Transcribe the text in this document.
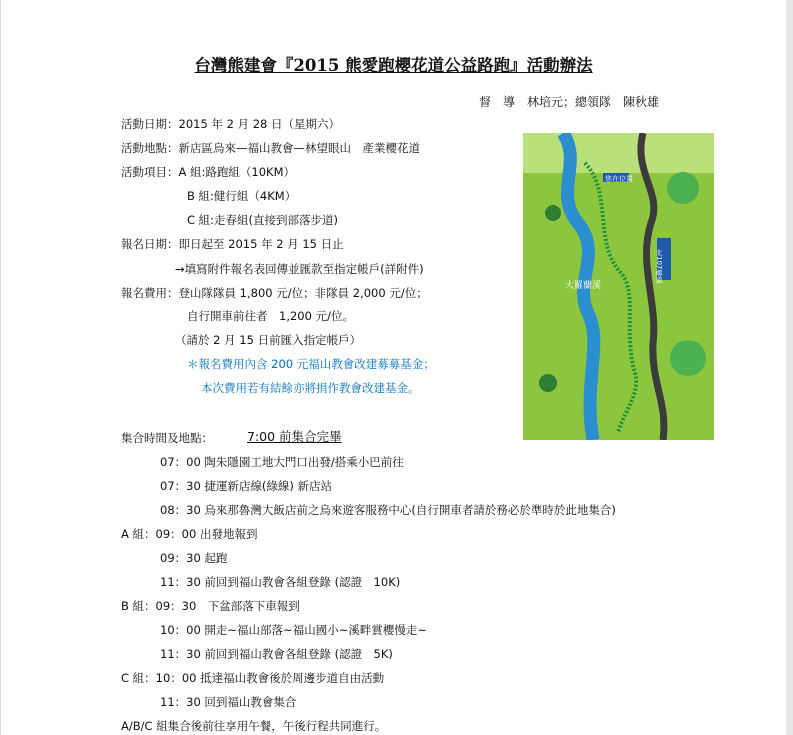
台灣熊建會『2015 熊愛跑櫻花道公益路跑』活動辦法
督　導　林培元；總領隊　陳秋雄
活動日期：2015 年 2 月 28 日（星期六）
活動地點：新店區烏來—福山教會—林望眼山　產業櫻花道
活動項目：A 組:路跑組（10KM）
B 組:健行組（4KM）
C 組:走春組(直接到部落步道)
報名日期：即日起至 2015 年 2 月 15 日止
→填寫附件報名表回傳並匯款至指定帳戶(詳附件)
報名費用：登山隊隊員 1,800 元/位；非隊員 2,000 元/位；
自行開車前往者　1,200 元/位。
（請於 2 月 15 日前匯入指定帳戶）
＊報名費用內含 200 元福山教會改建募募基金；
本次費用若有結餘亦將捐作教會改建基金。
集合時間及地點：	7:00 前集合完畢
07：00 陶朱隱園工地大門口出發/搭乘小巴前往
07：30 捷運新店線(綠線) 新店站
08：30 烏來那魯灣大飯店前之烏來遊客服務中心(自行開車者請於務必於準時於此地集合)
A 組：09：00 出發地報到
09：30 起跑
11：30 前回到福山教會各組登錄 (認證　10K)
B 組：09：30　下盆部落下車報到
10：00 開走~福山部落~福山國小~溪畔賞櫻慢走~
11：30 前回到福山教會各組登錄 (認證　5K)
C 組：10：00 抵達福山教會後於周邊步道自由活動
11：30 回到福山教會集合
A/B/C 組集合後前往享用午餐，午後行程共同進行。
您在位置
大羅蘭溪
北107鄉道
